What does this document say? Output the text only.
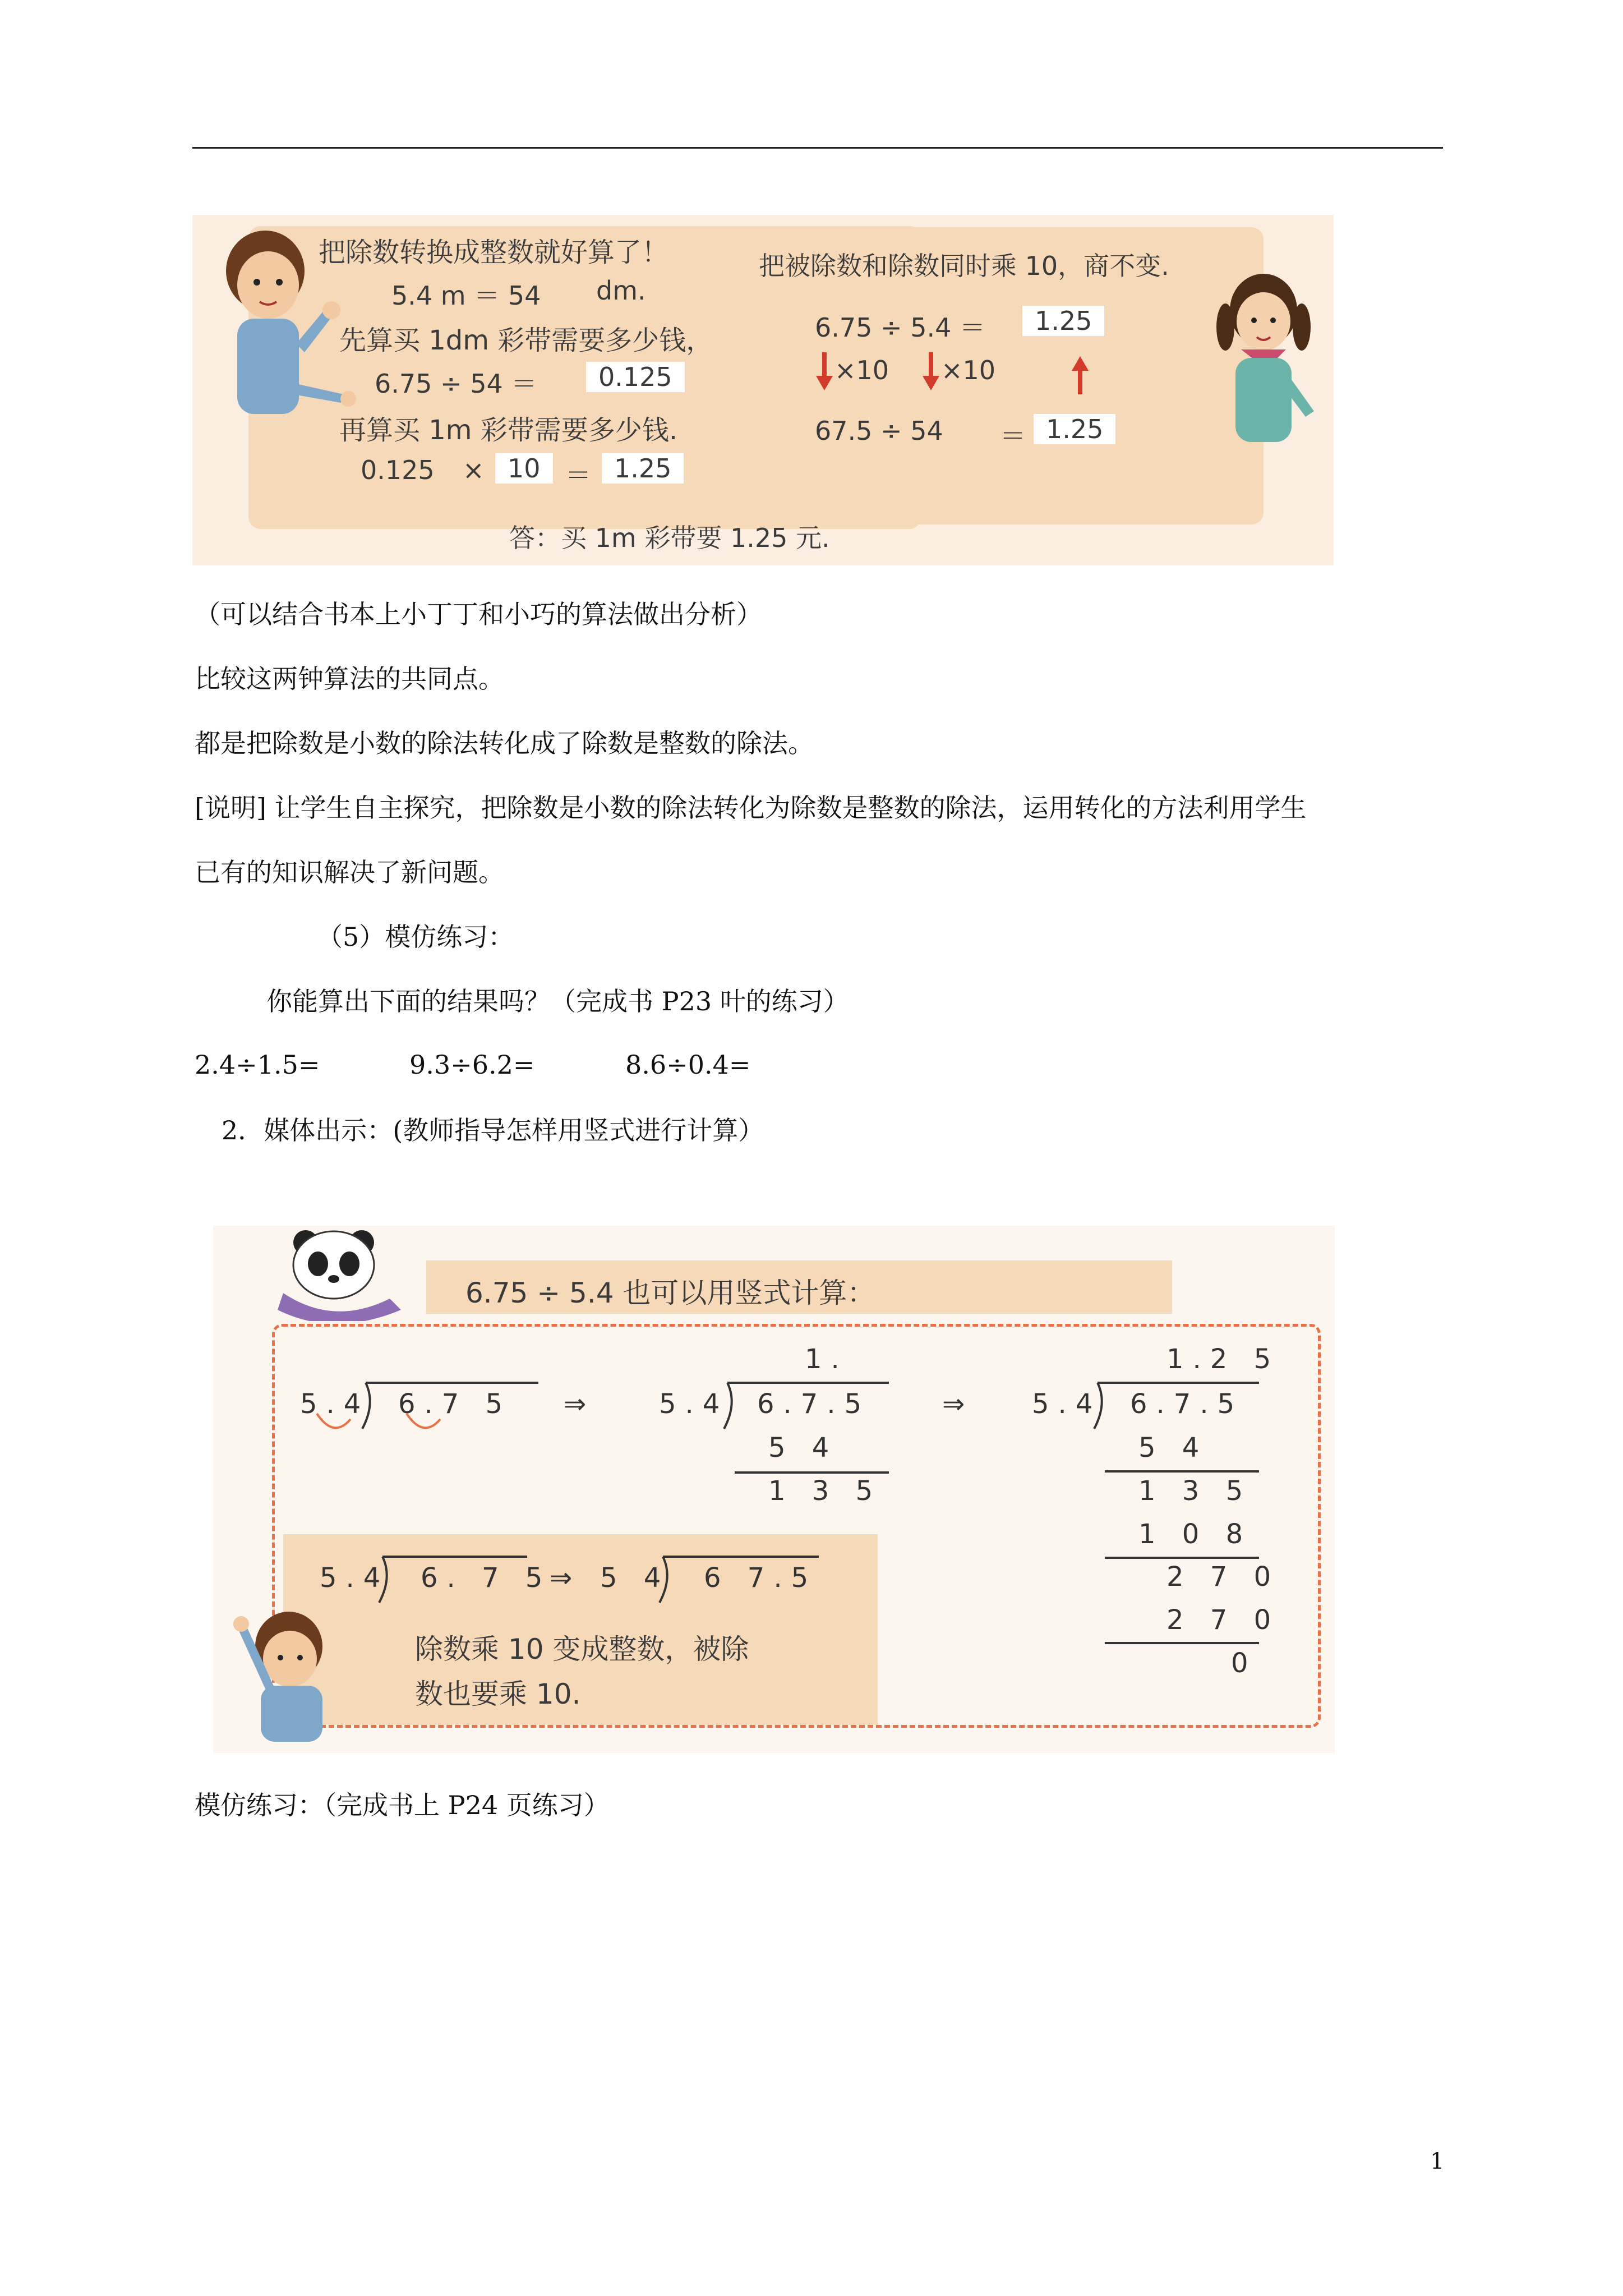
把除数转换成整数就好算了！
5.4 m ＝ 54 dm.
先算买 1dm 彩带需要多少钱，
6.75 ÷ 54 ＝	0.125
再算买 1m 彩带需要多少钱.
0.125 × 10 ＝ 1.25
把被除数和除数同时乘 10，商不变.
6.75 ÷ 5.4 ＝	1.25
×10 ×10
67.5 ÷ 54 ＝ 1.25
答：买 1m 彩带要 1.25 元.
（可以结合书本上小丁丁和小巧的算法做出分析）
比较这两钟算法的共同点。
都是把除数是小数的除法转化成了除数是整数的除法。
[说明] 让学生自主探究，把除数是小数的除法转化为除数是整数的除法，运用转化的方法利用学生
已有的知识解决了新问题。
（5）模仿练习：
你能算出下面的结果吗？（完成书 P23 叶的练习）
2.4÷1.5=	9.3÷6.2=	8.6÷0.4=
2．媒体出示：(教师指导怎样用竖式进行计算）
6.75 ÷ 5.4 也可以用竖式计算：
5.4 6.7 5 ⇒
1.
5.4 6.7.5
5 4
1 3 5
⇒
1.2 5
5.4 6.7.5
5 4
1 3 5
1 0 8
2 7 0
2 7 0
0
5.4 6. 7 5
⇒ 5 4 6 7.5
除数乘 10 变成整数，被除
数也要乘 10.
模仿练习：（完成书上 P24 页练习）
1
